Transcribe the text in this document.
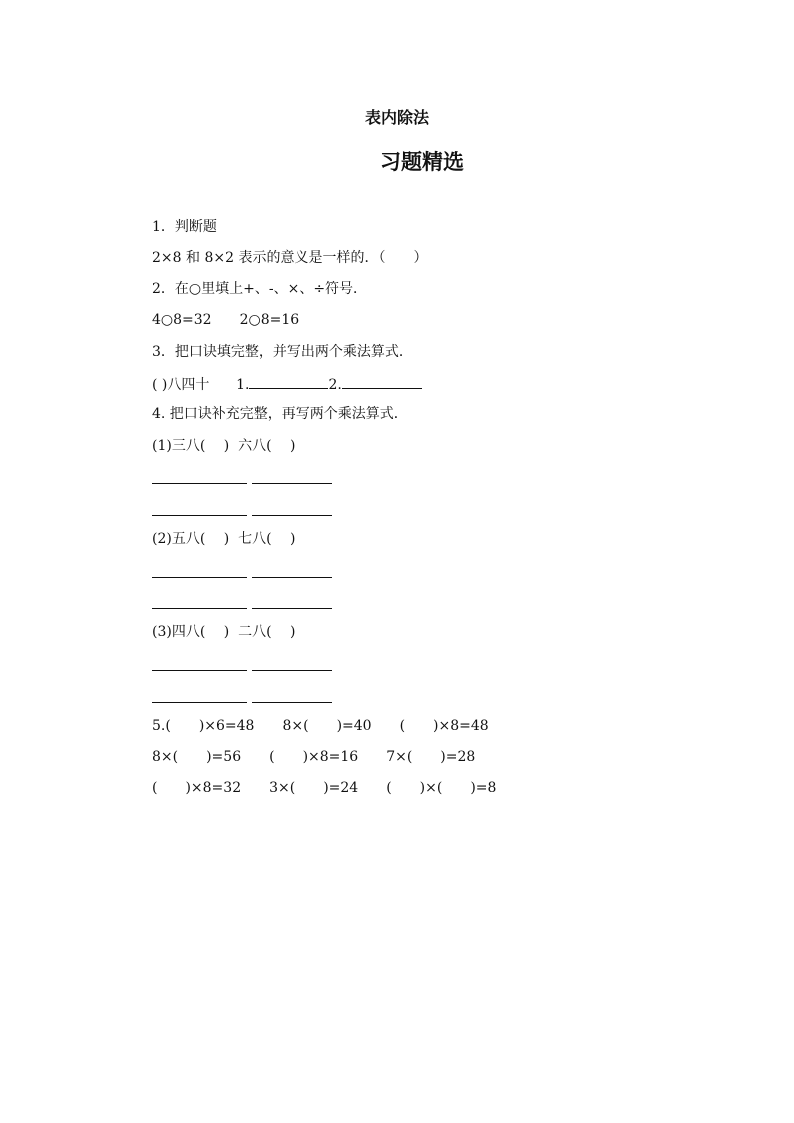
表内除法
习题精选
1．判断题
2×8 和 8×2 表示的意义是一样的．（　　）
2．在○里填上+、-、×、÷符号．
4○8=32　　2○8=16
3．把口诀填完整，并写出两个乘法算式．
( )八四十 1.	2.
4. 把口诀补充完整，再写两个乘法算式．
(1)三八(　 )  六八(　 )
(2)五八(　 )  七八(　 )
(3)四八(　 )  二八(　 )
5.(　　)×6=48　　8×(　　)=40　　(　　)×8=48
8×(　　)=56　　(　　)×8=16　　7×(　　)=28
(　　)×8=32　　3×(　　)=24　　(　　)×(　　)=8
